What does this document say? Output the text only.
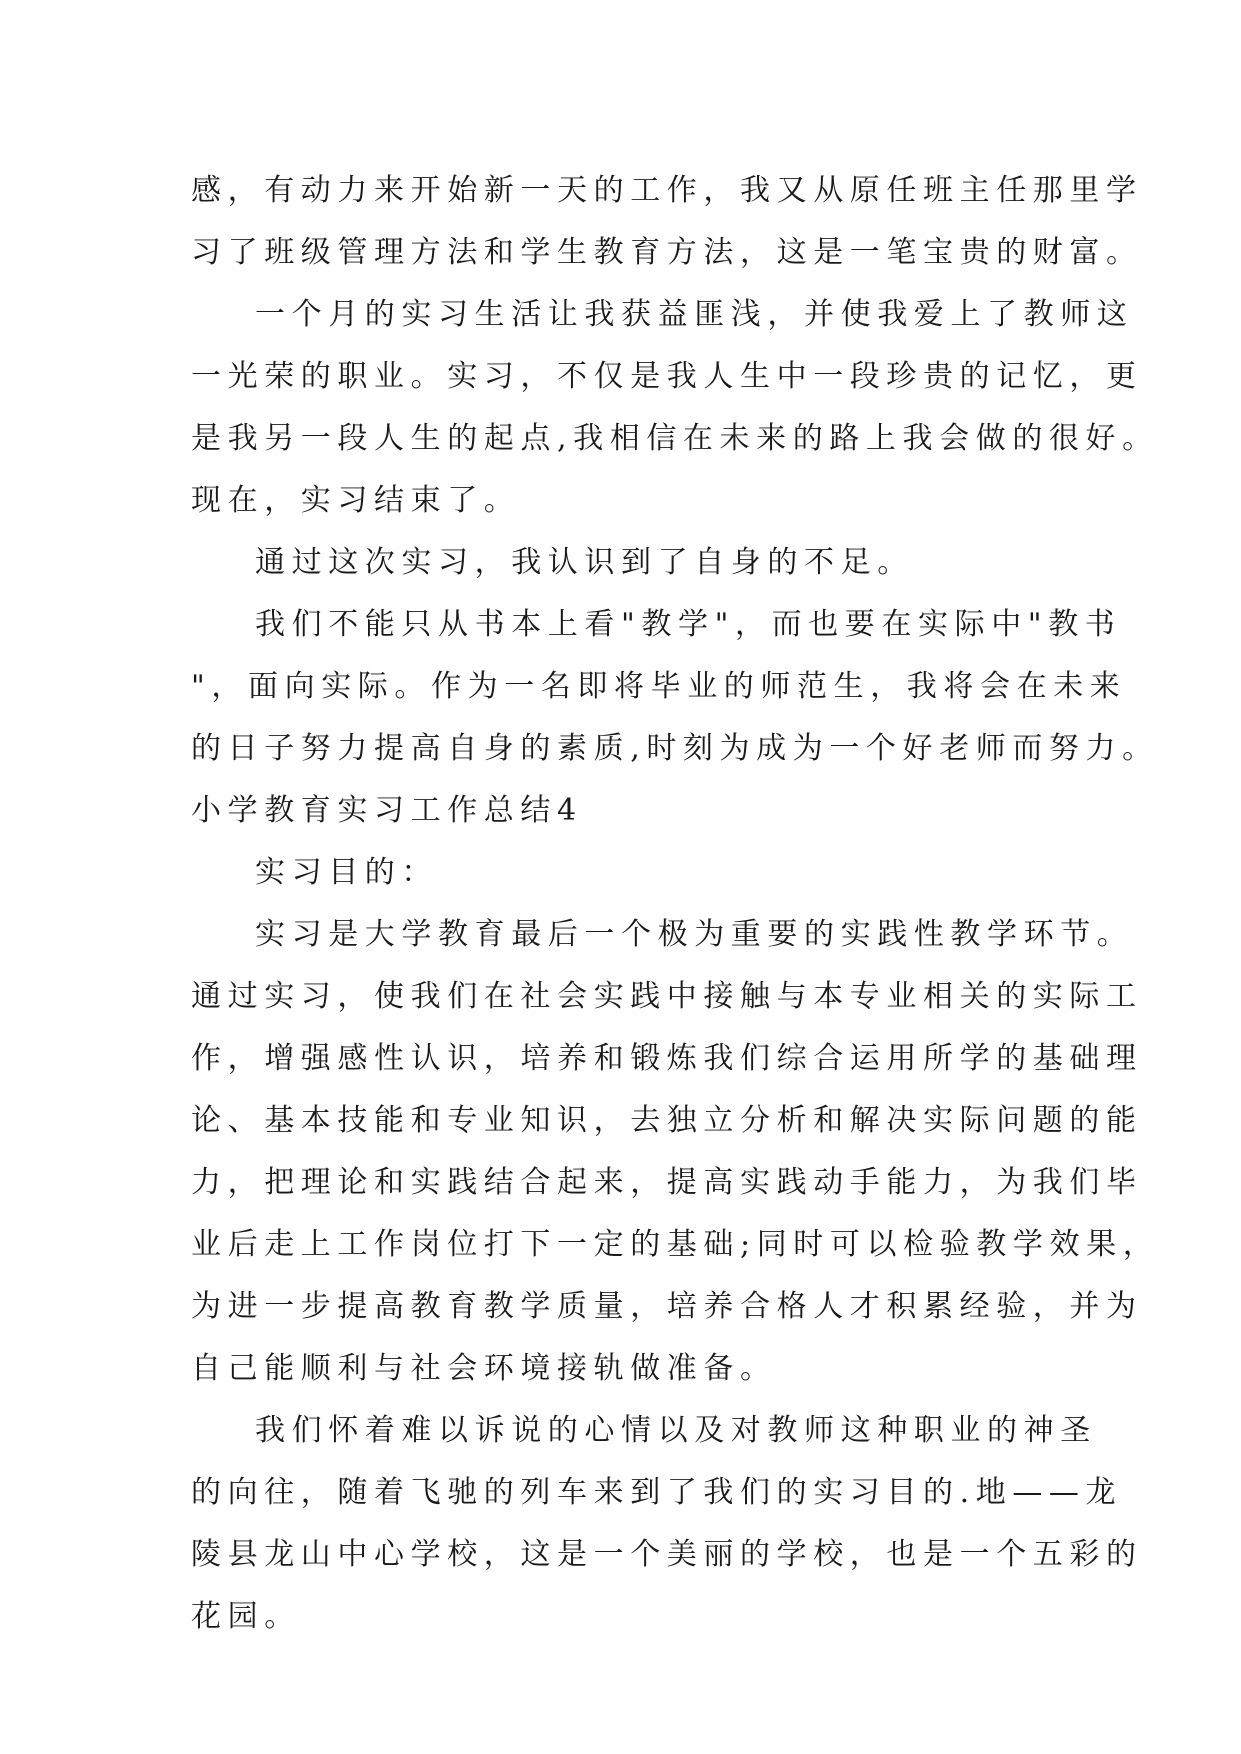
感，有动力来开始新一天的工作，我又从原任班主任那里学
习了班级管理方法和学生教育方法，这是一笔宝贵的财富。
一个月的实习生活让我获益匪浅，并使我爱上了教师这
一光荣的职业。实习，不仅是我人生中一段珍贵的记忆，更
是我另一段人生的起点,我相信在未来的路上我会做的很好。
现在，实习结束了。
通过这次实习，我认识到了自身的不足。
我们不能只从书本上看"教学"，而也要在实际中"教书
"，面向实际。作为一名即将毕业的师范生，我将会在未来
的日子努力提高自身的素质,时刻为成为一个好老师而努力。
小学教育实习工作总结4
实习目的：
实习是大学教育最后一个极为重要的实践性教学环节。
通过实习，使我们在社会实践中接触与本专业相关的实际工
作，增强感性认识，培养和锻炼我们综合运用所学的基础理
论、基本技能和专业知识，去独立分析和解决实际问题的能
力，把理论和实践结合起来，提高实践动手能力，为我们毕
业后走上工作岗位打下一定的基础;同时可以检验教学效果，
为进一步提高教育教学质量，培养合格人才积累经验，并为
自己能顺利与社会环境接轨做准备。
我们怀着难以诉说的心情以及对教师这种职业的神圣
的向往，随着飞驰的列车来到了我们的实习目的.地——龙
陵县龙山中心学校，这是一个美丽的学校，也是一个五彩的
花园。
